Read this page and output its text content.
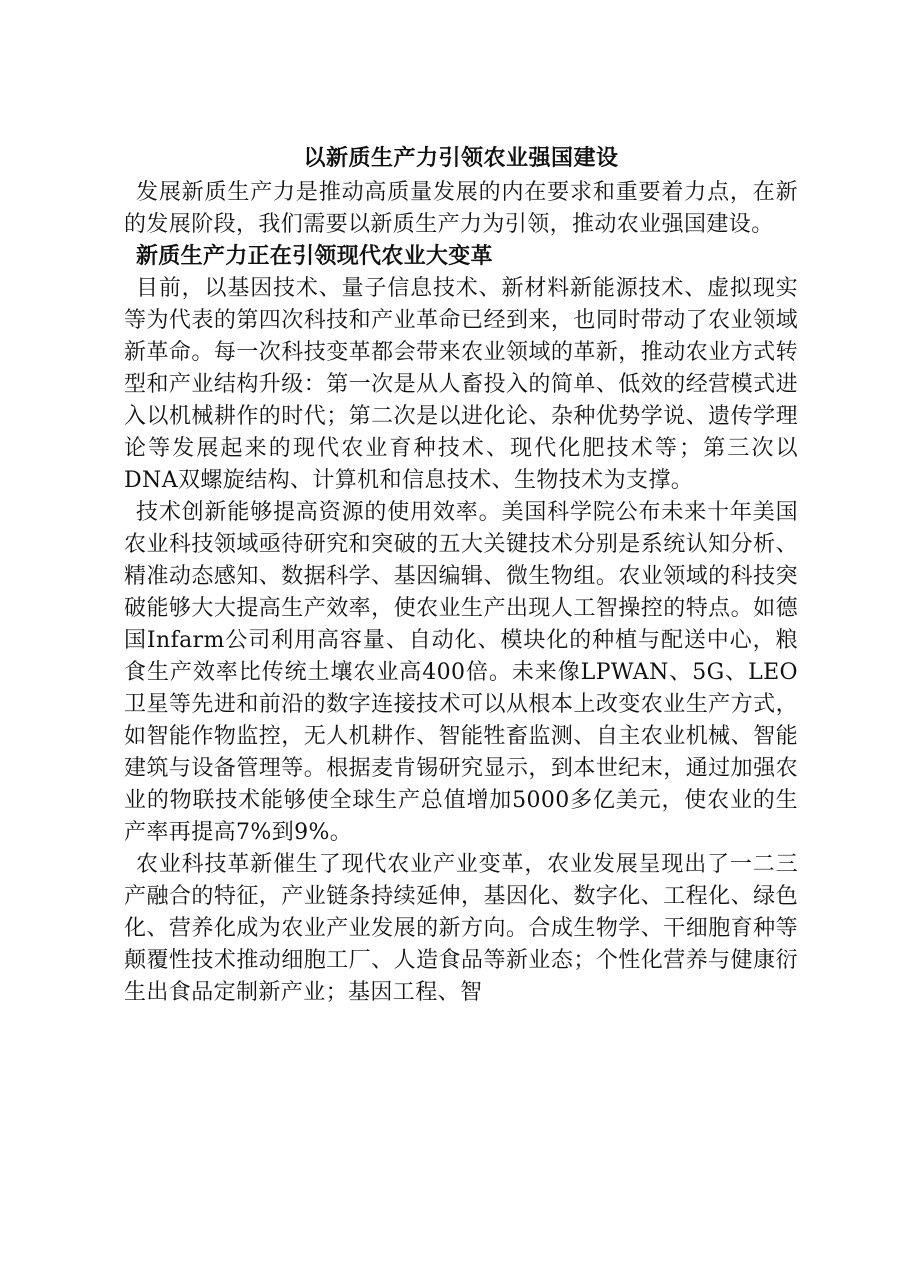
以新质生产力引领农业强国建设

发展新质生产力是推动高质量发展的内在要求和重要着力点，在新的发展阶段，我们需要以新质生产力为引领，推动农业强国建设。

新质生产力正在引领现代农业大变革

目前，以基因技术、量子信息技术、新材料新能源技术、虚拟现实等为代表的第四次科技和产业革命已经到来，也同时带动了农业领域新革命。每一次科技变革都会带来农业领域的革新，推动农业方式转型和产业结构升级：第一次是从人畜投入的简单、低效的经营模式进入以机械耕作的时代；第二次是以进化论、杂种优势学说、遗传学理论等发展起来的现代农业育种技术、现代化肥技术等；第三次以DNA双螺旋结构、计算机和信息技术、生物技术为支撑。

技术创新能够提高资源的使用效率。美国科学院公布未来十年美国农业科技领域亟待研究和突破的五大关键技术分别是系统认知分析、精准动态感知、数据科学、基因编辑、微生物组。农业领域的科技突破能够大大提高生产效率，使农业生产出现人工智操控的特点。如德国Infarm公司利用高容量、自动化、模块化的种植与配送中心，粮食生产效率比传统土壤农业高400倍。未来像LPWAN、5G、LEO卫星等先进和前沿的数字连接技术可以从根本上改变农业生产方式，如智能作物监控，无人机耕作、智能牲畜监测、自主农业机械、智能建筑与设备管理等。根据麦肯锡研究显示，到本世纪末，通过加强农业的物联技术能够使全球生产总值增加5000多亿美元，使农业的生产率再提高7%到9%。

农业科技革新催生了现代农业产业变革，农业发展呈现出了一二三产融合的特征，产业链条持续延伸，基因化、数字化、工程化、绿色化、营养化成为农业产业发展的新方向。合成生物学、干细胞育种等颠覆性技术推动细胞工厂、人造食品等新业态；个性化营养与健康衍生出食品定制新产业；基因工程、智
